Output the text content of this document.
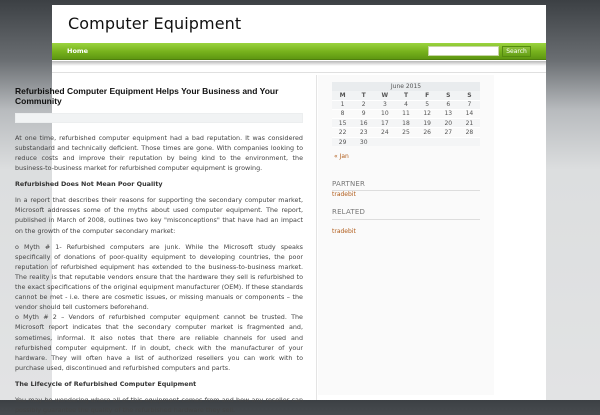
Computer Equipment
Home	Search
Refurbished Computer Equipment Helps Your Business and Your Community

At one time, refurbished computer equipment had a bad reputation. It was considered substandard and technically deficient. Those times are gone. With companies looking to reduce costs and improve their reputation by being kind to the environment, the business-to-business market for refurbished computer equipment is growing.

Refurbished Does Not Mean Poor Quality

In a report that describes their reasons for supporting the secondary computer market, Microsoft addresses some of the myths about used computer equipment. The report, published in March of 2008, outlines two key "misconceptions" that have had an impact on the growth of the computer secondary market:

o Myth # 1- Refurbished computers are junk. While the Microsoft study speaks specifically of donations of poor-quality equipment to developing countries, the poor reputation of refurbished equipment has extended to the business-to-business market. The reality is that reputable vendors ensure that the hardware they sell is refurbished to the exact specifications of the original equipment manufacturer (OEM). If these standards cannot be met - i.e. there are cosmetic issues, or missing manuals or components – the vendor should tell customers beforehand.

o Myth # 2 – Vendors of refurbished computer equipment cannot be trusted. The Microsoft report indicates that the secondary computer market is fragmented and, sometimes, informal. It also notes that there are reliable channels for used and refurbished computer equipment. If in doubt, check with the manufacturer of your hardware. They will often have a list of authorized resellers you can work with to purchase used, discontinued and refurbished computers and parts.

The Lifecycle of Refurbished Computer Equipment

You may be wondering where all of this equipment comes from and how any reseller can possibly guarantee the quality of the refurbished hardware they sell.

June 2015
M	T	W	T	F	S	S
1	2	3	4	5	6	7
8	9	10	11	12	13	14
15	16	17	18	19	20	21
22	23	24	25	26	27	28
29	30					
« Jan
PARTNER
tradebit
RELATED
tradebit
